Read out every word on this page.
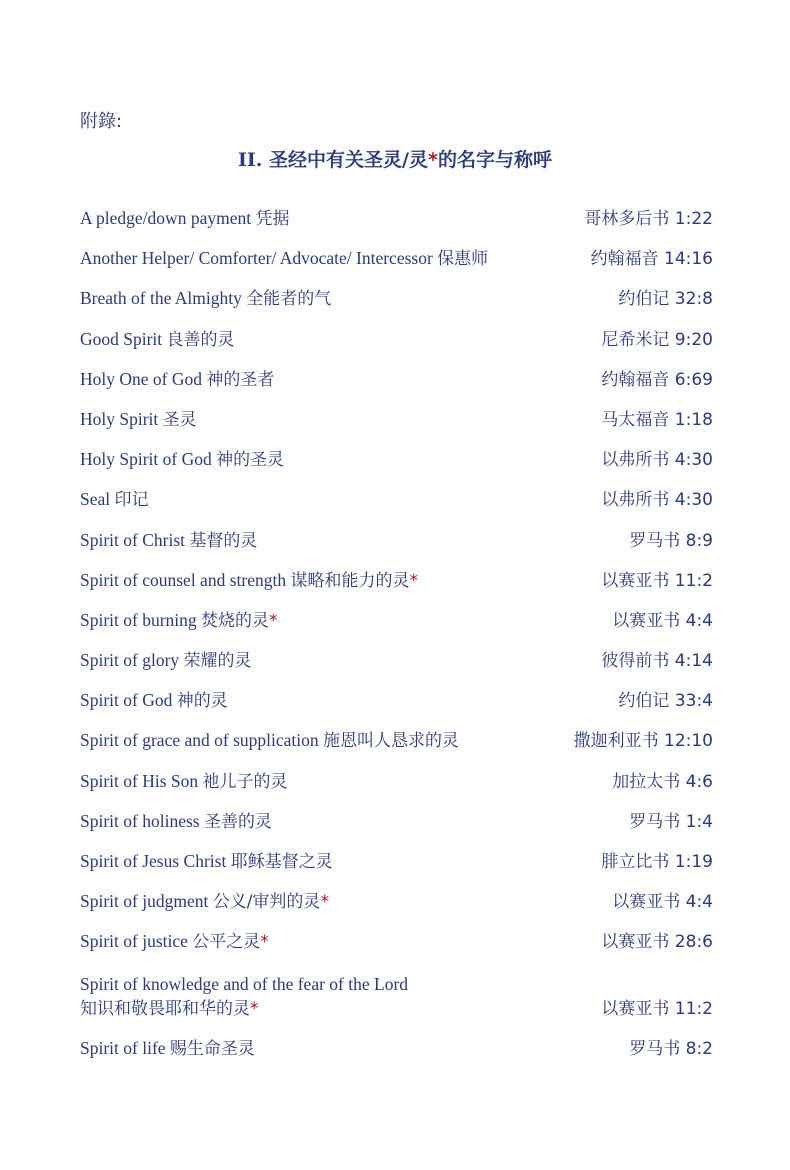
附錄:
II. 圣经中有关圣灵/灵*的名字与称呼
A pledge/down payment 凭据	哥林多后书 1:22
Another Helper/ Comforter/ Advocate/ Intercessor 保惠师	约翰福音 14:16
Breath of the Almighty 全能者的气	约伯记 32:8
Good Spirit 良善的灵	尼希米记 9:20
Holy One of God 神的圣者	约翰福音 6:69
Holy Spirit 圣灵	马太福音 1:18
Holy Spirit of God 神的圣灵	以弗所书 4:30
Seal 印记	以弗所书 4:30
Spirit of Christ 基督的灵	罗马书 8:9
Spirit of counsel and strength 谋略和能力的灵*	以赛亚书 11:2
Spirit of burning 焚烧的灵*	以赛亚书 4:4
Spirit of glory 荣耀的灵	彼得前书 4:14
Spirit of God 神的灵	约伯记 33:4
Spirit of grace and of supplication 施恩叫人恳求的灵	撒迦利亚书 12:10
Spirit of His Son 祂儿子的灵	加拉太书 4:6
Spirit of holiness 圣善的灵	罗马书 1:4
Spirit of Jesus Christ 耶稣基督之灵	腓立比书 1:19
Spirit of judgment 公义/审判的灵*	以赛亚书 4:4
Spirit of justice 公平之灵*	以赛亚书 28:6
Spirit of knowledge and of the fear of the Lord
知识和敬畏耶和华的灵*	以赛亚书 11:2
Spirit of life 赐生命圣灵	罗马书 8:2
